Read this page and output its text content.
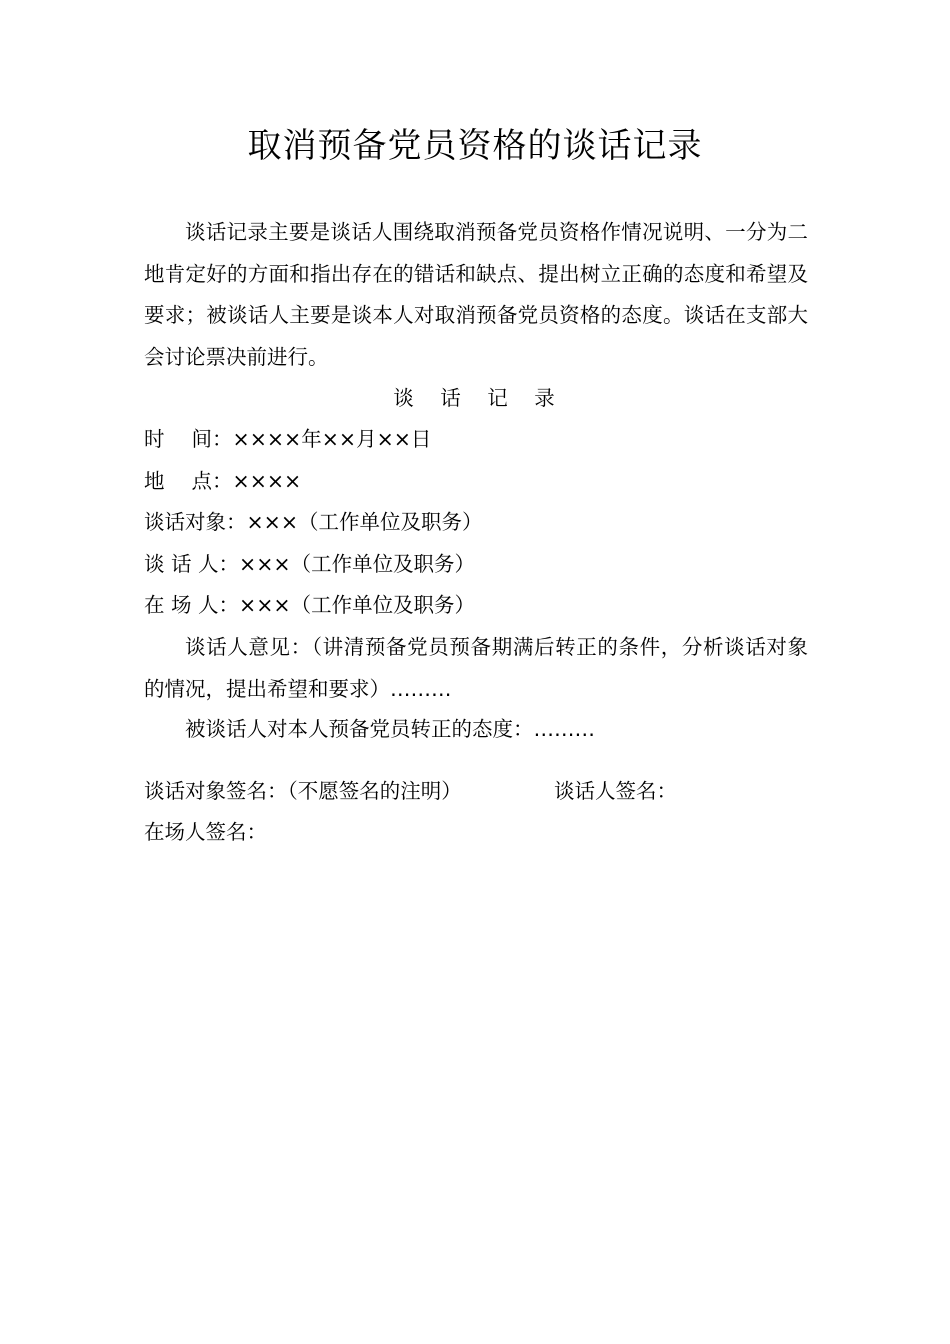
取消预备党员资格的谈话记录
谈话记录主要是谈话人围绕取消预备党员资格作情况说明、一分为二地肯定好的方面和指出存在的错话和缺点、提出树立正确的态度和希望及要求；被谈话人主要是谈本人对取消预备党员资格的态度。谈话在支部大会讨论票决前进行。
谈 话 记 录
时　 间：××××年××月××日
地　 点：××××
谈话对象：×××（工作单位及职务）
谈 话 人：×××（工作单位及职务）
在 场 人：×××（工作单位及职务）
谈话人意见：（讲清预备党员预备期满后转正的条件，分析谈话对象的情况，提出希望和要求）………
被谈话人对本人预备党员转正的态度：………
谈话对象签名：（不愿签名的注明）	谈话人签名：
在场人签名：
